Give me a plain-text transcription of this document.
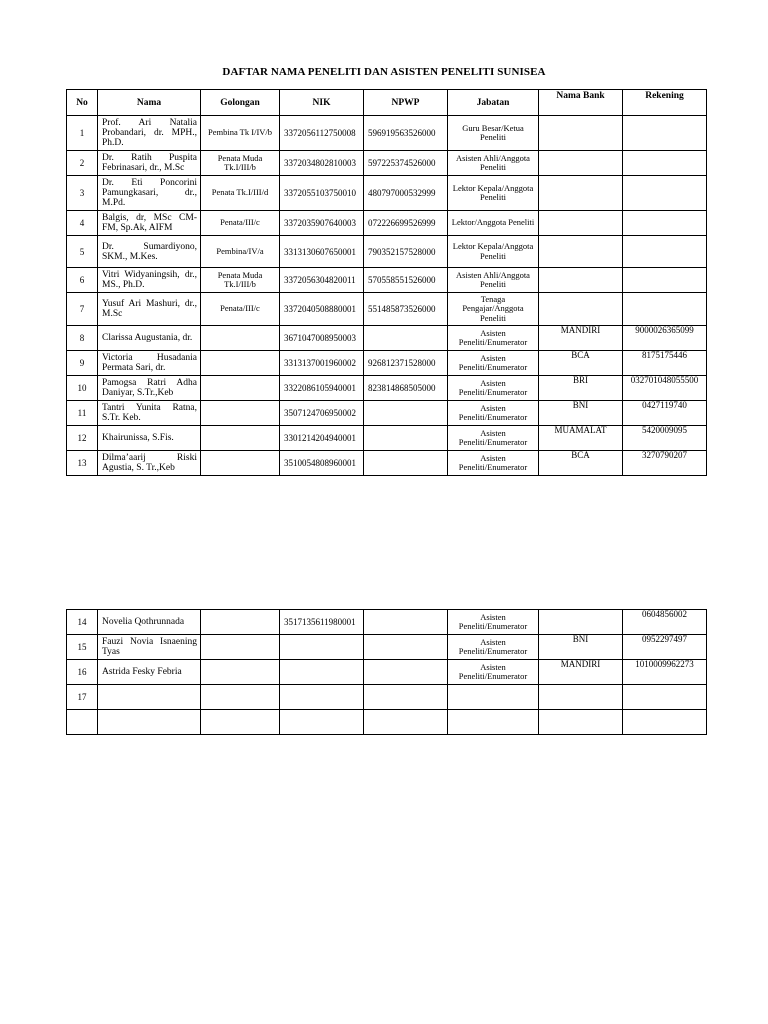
DAFTAR NAMA PENELITI DAN ASISTEN PENELITI SUNISEA
No	Nama	Golongan	NIK	NPWP	Jabatan	Nama Bank	Rekening
1	Prof. Ari Natalia Probandari, dr. MPH., Ph.D.	Pembina Tk I/IV/b	3372056112750008	596919563526000	Guru Besar/Ketua Peneliti		
2	Dr. Ratih Puspita Febrinasari, dr., M.Sc	Penata Muda Tk.I/III/b	3372034802810003	597225374526000	Asisten Ahli/Anggota Peneliti		
3	Dr. Eti Poncorini Pamungkasari, dr., M.Pd.	Penata Tk.I/III/d	3372055103750010	480797000532999	Lektor Kepala/Anggota Peneliti		
4	Balgis, dr, MSc CM-FM, Sp.Ak, AIFM	Penata/III/c	3372035907640003	072226699526999	Lektor/Anggota Peneliti		
5	Dr. Sumardiyono, SKM., M.Kes.	Pembina/IV/a	3313130607650001	790352157528000	Lektor Kepala/Anggota Peneliti		
6	Vitri Widyaningsih, dr., MS., Ph.D.	Penata Muda Tk.I/III/b	3372056304820011	570558551526000	Asisten Ahli/Anggota Peneliti		
7	Yusuf Ari Mashuri, dr., M.Sc	Penata/III/c	3372040508880001	551485873526000	Tenaga Pengajar/Anggota Peneliti		
8	Clarissa Augustania, dr.		3671047008950003		Asisten Peneliti/Enumerator	MANDIRI	9000026365099
9	Victoria Husadania Permata Sari, dr.		3313137001960002	926812371528000	Asisten Peneliti/Enumerator	BCA	8175175446
10	Pamogsa Ratri Adha Daniyar, S.Tr.,Keb		3322086105940001	823814868505000	Asisten Peneliti/Enumerator	BRI	032701048055500
11	Tantri Yunita Ratna, S.Tr. Keb.		3507124706950002		Asisten Peneliti/Enumerator	BNI	0427119740
12	Khairunissa, S.Fis.		3301214204940001		Asisten Peneliti/Enumerator	MUAMALAT	5420009095
13	Dilma’aarij Riski Agustia, S. Tr.,Keb		3510054808960001		Asisten Peneliti/Enumerator	BCA	3270790207
14	Novelia Qothrunnada		3517135611980001		Asisten Peneliti/Enumerator		0604856002
15	Fauzi Novia Isnaening Tyas				Asisten Peneliti/Enumerator	BNI	0952297497
16	Astrida Fesky Febria				Asisten Peneliti/Enumerator	MANDIRI	1010009962273
17							
